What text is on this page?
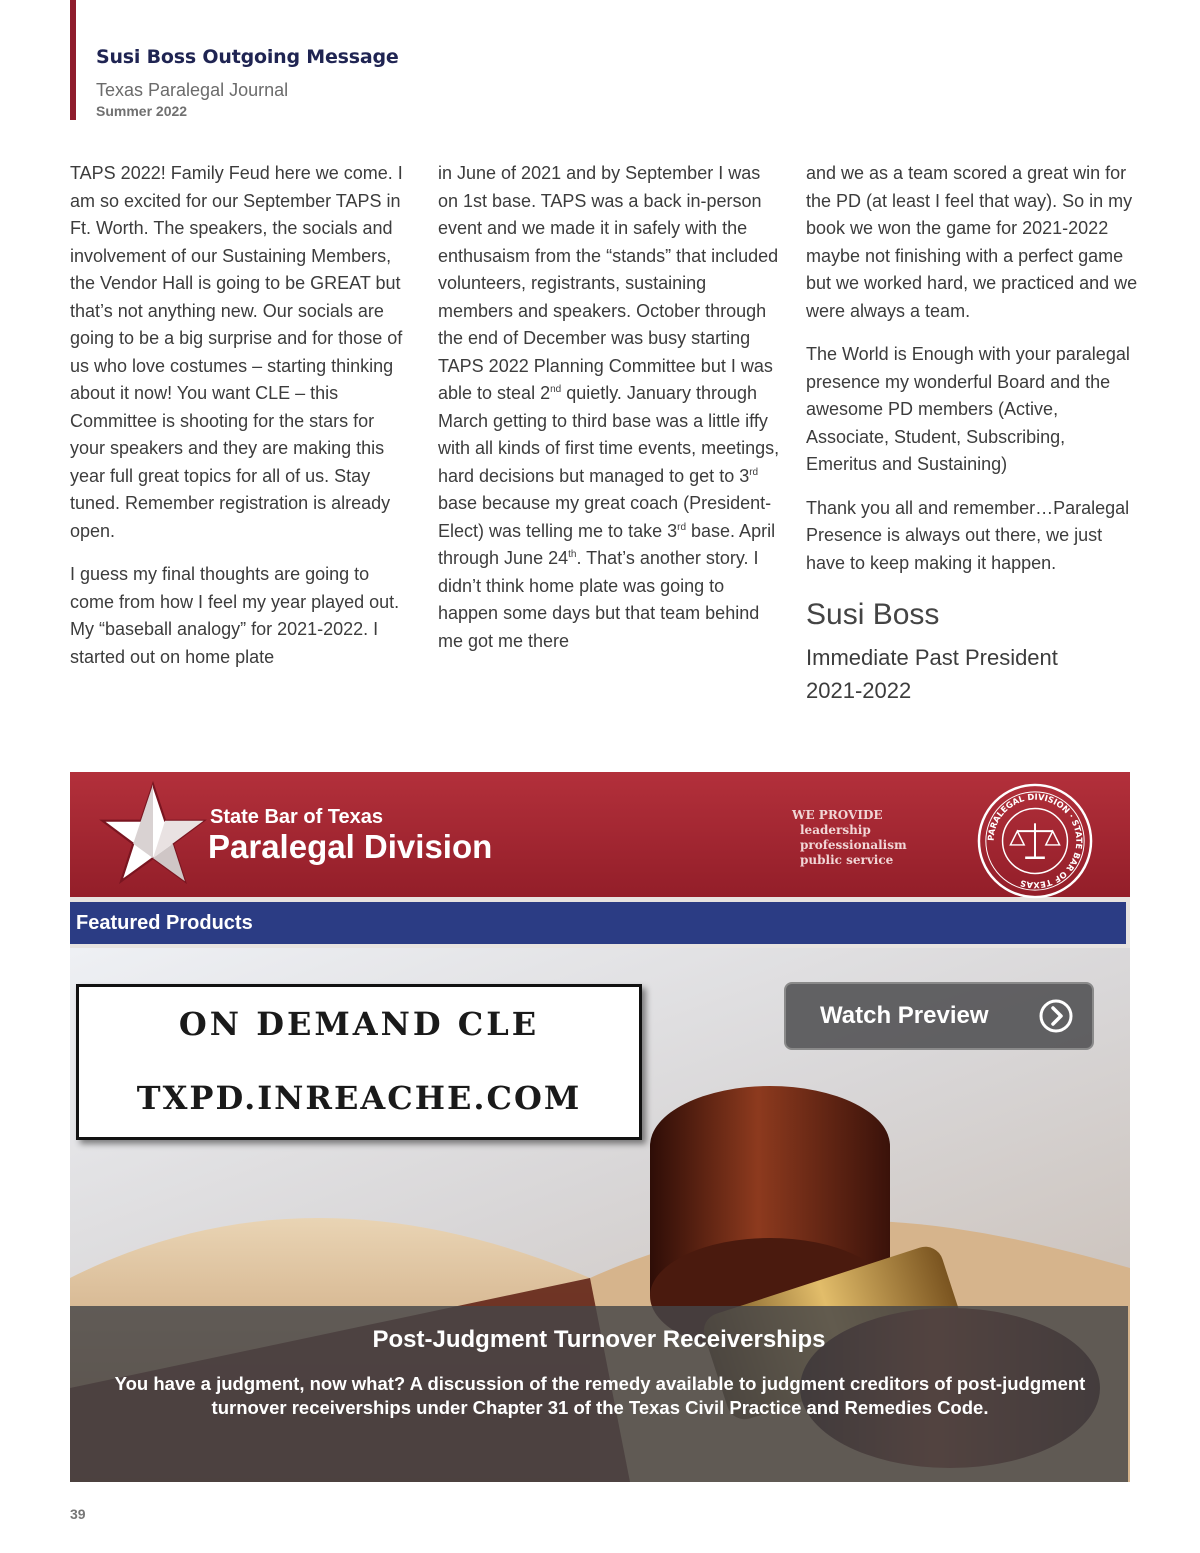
Susi Boss Outgoing Message
Texas Paralegal Journal
Summer 2022

TAPS 2022! Family Feud here we come. I am so excited for our September TAPS in Ft. Worth. The speakers, the socials and involvement of our Sustaining Members, the Vendor Hall is going to be GREAT but that’s not anything new. Our socials are going to be a big surprise and for those of us who love costumes – starting thinking about it now! You want CLE – this Committee is shooting for the stars for your speakers and they are making this year full great topics for all of us. Stay tuned. Remember registration is already open.

I guess my final thoughts are going to come from how I feel my year played out. My “baseball analogy” for 2021-2022. I started out on home plate

in June of 2021 and by September I was on 1st base. TAPS was a back in-person event and we made it in safely with the enthusaism from the “stands” that included volunteers, registrants, sustaining members and speakers. October through the end of December was busy starting TAPS 2022 Planning Committee but I was able to steal 2nd quietly. January through March getting to third base was a little iffy with all kinds of first time events, meetings, hard decisions but managed to get to 3rd base because my great coach (President-Elect) was telling me to take 3rd base. April through June 24th. That’s another story. I didn’t think home plate was going to happen some days but that team behind me got me there

and we as a team scored a great win for the PD (at least I feel that way). So in my book we won the game for 2021-2022 maybe not finishing with a perfect game but we worked hard, we practiced and we were always a team.

The World is Enough with your paralegal presence my wonderful Board and the awesome PD members (Active, Associate, Student, Subscribing, Emeritus and Sustaining)

Thank you all and remember…Paralegal Presence is always out there, we just have to keep making it happen.

Susi Boss
Immediate Past President
2021-2022
State Bar of Texas
Paralegal Division
WE PROVIDE
leadership
professionalism
public service
PARALEGAL DIVISION · STATE BAR OF TEXAS
Featured Products
ON DEMAND CLE
TXPD.INREACHE.COM
Watch Preview
Post-Judgment Turnover Receiverships
You have a judgment, now what? A discussion of the remedy available to judgment creditors of post-judgment turnover receiverships under Chapter 31 of the Texas Civil Practice and Remedies Code.
39
